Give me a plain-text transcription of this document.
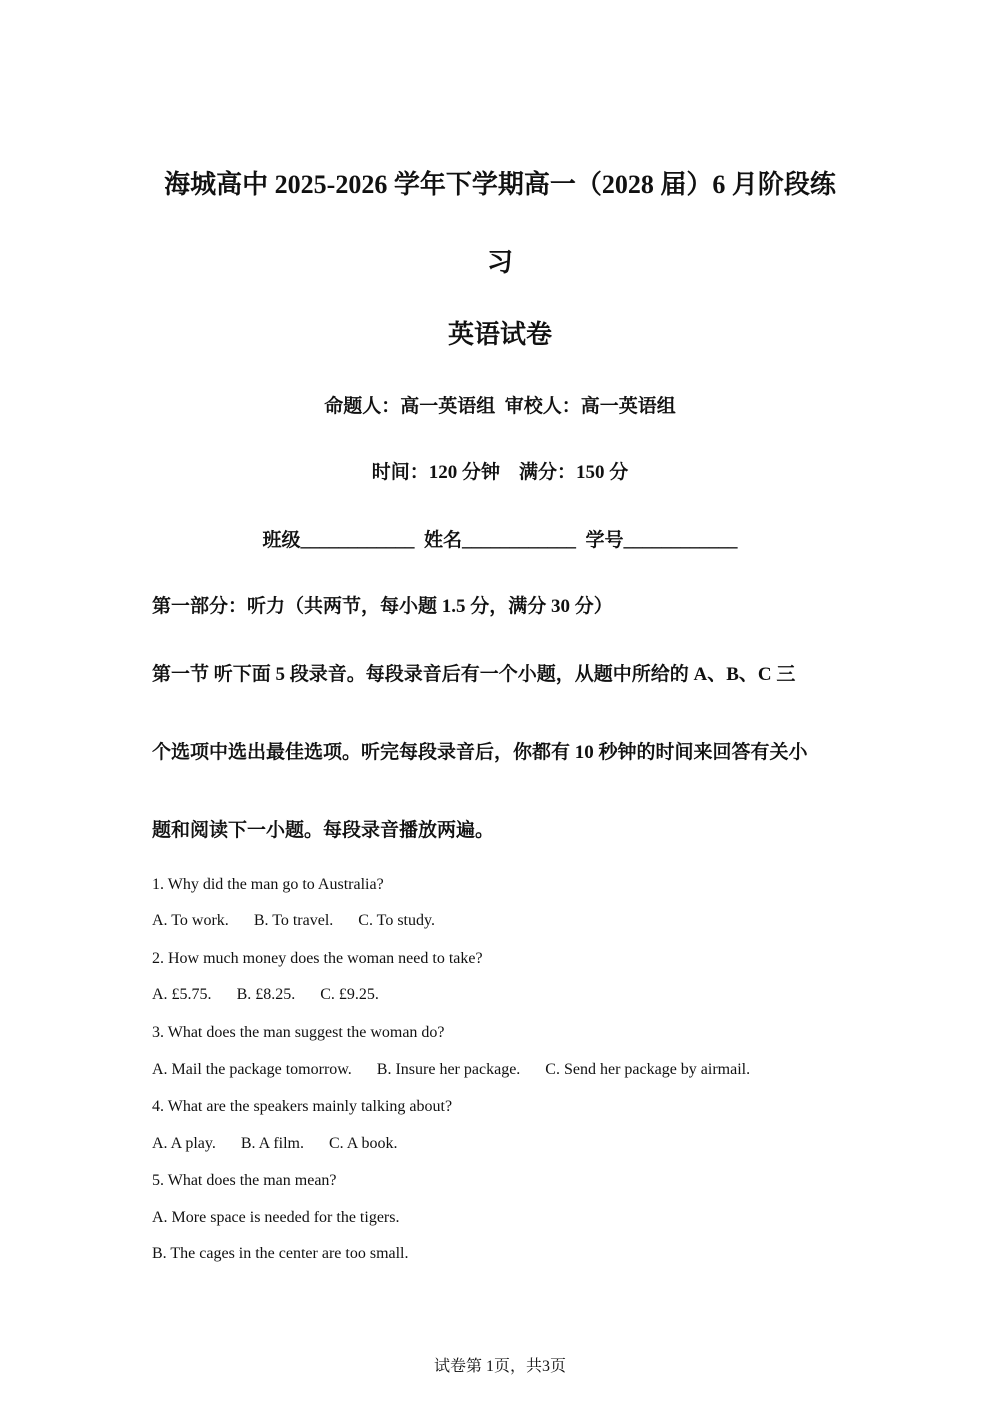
海城高中 2025-2026 学年下学期高一（2028 届）6 月阶段练
习
英语试卷
命题人：高一英语组  审校人：高一英语组
时间：120 分钟    满分：150 分
班级____________  姓名____________  学号____________
第一部分：听力（共两节，每小题 1.5 分，满分 30 分）
第一节 听下面 5 段录音。每段录音后有一个小题，从题中所给的 A、B、C 三
个选项中选出最佳选项。听完每段录音后，你都有 10 秒钟的时间来回答有关小
题和阅读下一小题。每段录音播放两遍。
1. Why did the man go to Australia?
A. To work. B. To travel. C. To study.
2. How much money does the woman need to take?
A. £5.75. B. £8.25. C. £9.25.
3. What does the man suggest the woman do?
A. Mail the package tomorrow. B. Insure her package. C. Send her package by airmail.
4. What are the speakers mainly talking about?
A. A play. B. A film. C. A book.
5. What does the man mean?
A. More space is needed for the tigers.
B. The cages in the center are too small.
试卷第 1页，共3页
